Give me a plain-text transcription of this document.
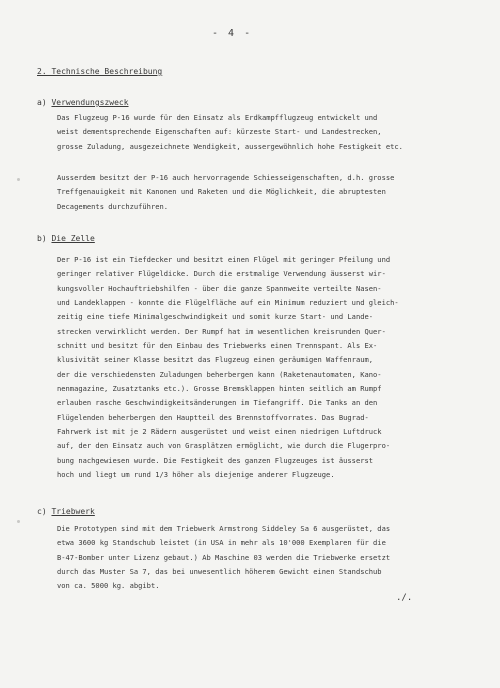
- 4 -
2. Technische Beschreibung
a) Verwendungszweck
Das Flugzeug P-16 wurde für den Einsatz als Erdkampfflugzeug entwickelt und
weist dementsprechende Eigenschaften auf: kürzeste Start- und Landestrecken,
grosse Zuladung, ausgezeichnete Wendigkeit, aussergewöhnlich hohe Festigkeit etc.
Ausserdem besitzt der P-16 auch hervorragende Schiesseigenschaften, d.h. grosse
Treffgenauigkeit mit Kanonen und Raketen und die Möglichkeit, die abruptesten
Decagements durchzuführen.
b) Die Zelle
Der P-16 ist ein Tiefdecker und besitzt einen Flügel mit geringer Pfeilung und
geringer relativer Flügeldicke. Durch die erstmalige Verwendung äusserst wir-
kungsvoller Hochauftriebshilfen - über die ganze Spannweite verteilte Nasen-
und Landeklappen - konnte die Flügelfläche auf ein Minimum reduziert und gleich-
zeitig eine tiefe Minimalgeschwindigkeit und somit kurze Start- und Lande-
strecken verwirklicht werden. Der Rumpf hat im wesentlichen kreisrunden Quer-
schnitt und besitzt für den Einbau des Triebwerks einen Trennspant. Als Ex-
klusivität seiner Klasse besitzt das Flugzeug einen geräumigen Waffenraum,
der die verschiedensten Zuladungen beherbergen kann (Raketenautomaten, Kano-
nenmagazine, Zusatztanks etc.). Grosse Bremsklappen hinten seitlich am Rumpf
erlauben rasche Geschwindigkeitsänderungen im Tiefangriff. Die Tanks an den
Flügelenden beherbergen den Hauptteil des Brennstoffvorrates. Das Bugrad-
Fahrwerk ist mit je 2 Rädern ausgerüstet und weist einen niedrigen Luftdruck
auf, der den Einsatz auch von Grasplätzen ermöglicht, wie durch die Flugerpro-
bung nachgewiesen wurde. Die Festigkeit des ganzen Flugzeuges ist äusserst
hoch und liegt um rund 1/3 höher als diejenige anderer Flugzeuge.
c) Triebwerk
Die Prototypen sind mit dem Triebwerk Armstrong Siddeley Sa 6 ausgerüstet, das
etwa 3600 kg Standschub leistet (in USA in mehr als 10'000 Exemplaren für die
B-47-Bomber unter Lizenz gebaut.) Ab Maschine 03 werden die Triebwerke ersetzt
durch das Muster Sa 7, das bei unwesentlich höherem Gewicht einen Standschub
von ca. 5000 kg. abgibt.
./.
